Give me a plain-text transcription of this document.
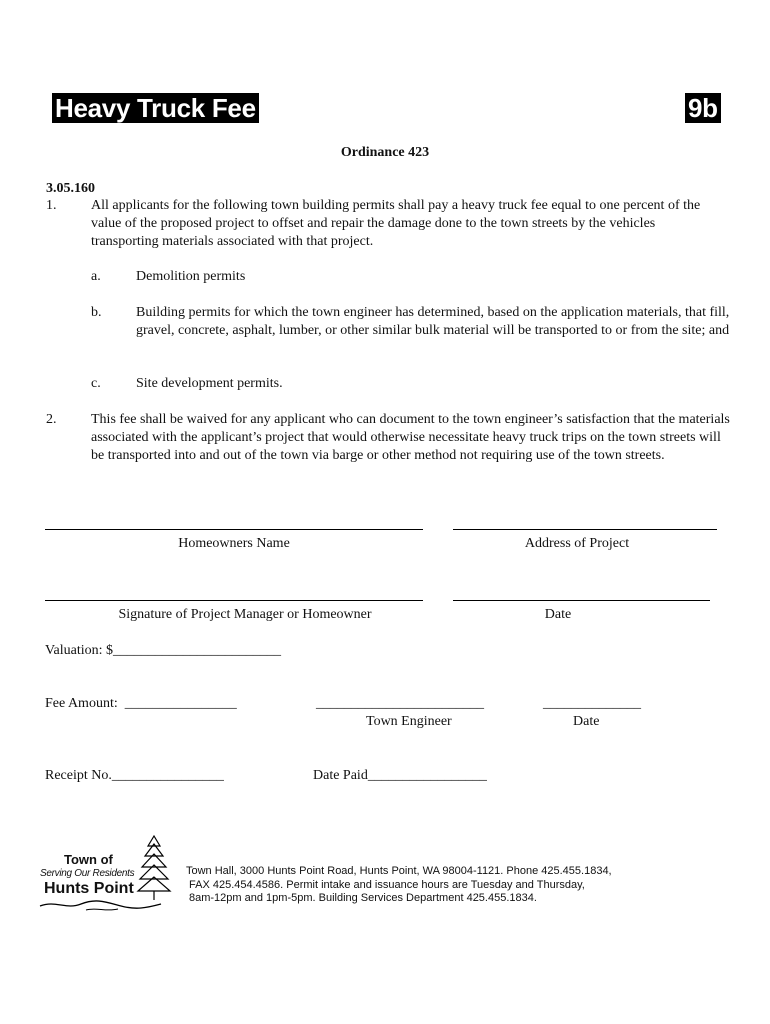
Heavy Truck Fee	9b
Ordinance 423
3.05.160
1. All applicants for the following town building permits shall pay a heavy truck fee equal to one percent of the value of the proposed project to offset and repair the damage done to the town streets by the vehicles transporting materials associated with that project.
a.	Demolition permits
b. Building permits for which the town engineer has determined, based on the application materials, that fill, gravel, concrete, asphalt, lumber, or other similar bulk material will be transported to or from the site; and
c.	Site development permits.
2. This fee shall be waived for any applicant who can document to the town engineer’s satisfaction that the materials associated with the applicant’s project that would otherwise necessitate heavy truck trips on the town streets will be transported into and out of the town via barge or other method not requiring use of the town streets.
Homeowners Name	Address of Project
Signature of Project Manager or Homeowner	Date
Valuation: $________________________
Fee Amount: ________________	________________________	______________
Town Engineer	Date
Receipt No.________________	Date Paid_________________
Town of
Serving Our Residents
Hunts Point
Town Hall, 3000 Hunts Point Road, Hunts Point, WA 98004-1121. Phone 425.455.1834,
FAX 425.454.4586. Permit intake and issuance hours are Tuesday and Thursday,
8am-12pm and 1pm-5pm. Building Services Department 425.455.1834.
